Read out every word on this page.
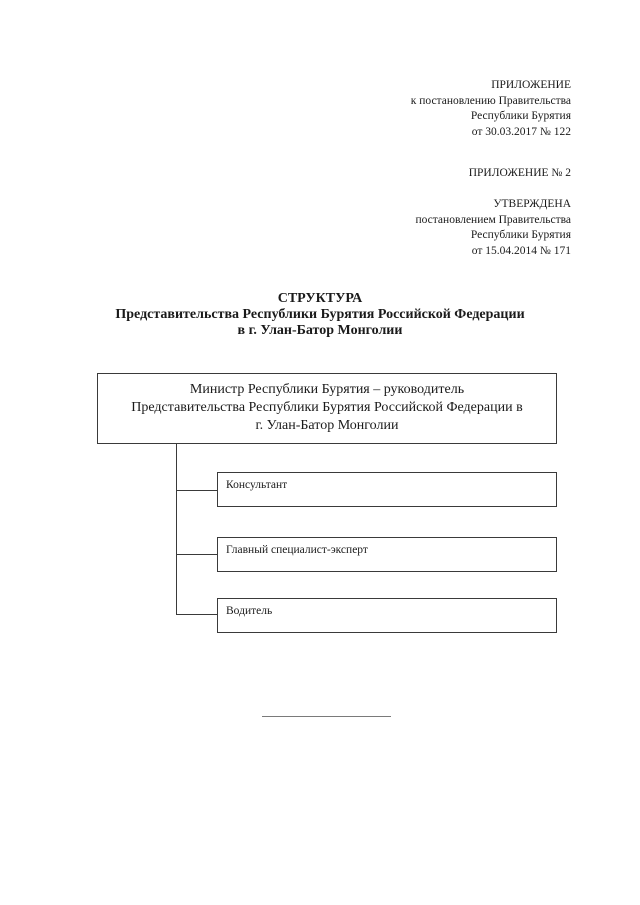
ПРИЛОЖЕНИЕ
к постановлению Правительства
Республики Бурятия
от 30.03.2017 № 122
ПРИЛОЖЕНИЕ № 2
УТВЕРЖДЕНА
постановлением Правительства
Республики Бурятия
от 15.04.2014 № 171
СТРУКТУРА
Представительства Республики Бурятия Российской Федерации
в г. Улан-Батор Монголии
Министр Республики Бурятия – руководитель
Представительства Республики Бурятия Российской Федерации в
г. Улан-Батор Монголии
Консультант
Главный специалист-эксперт
Водитель
